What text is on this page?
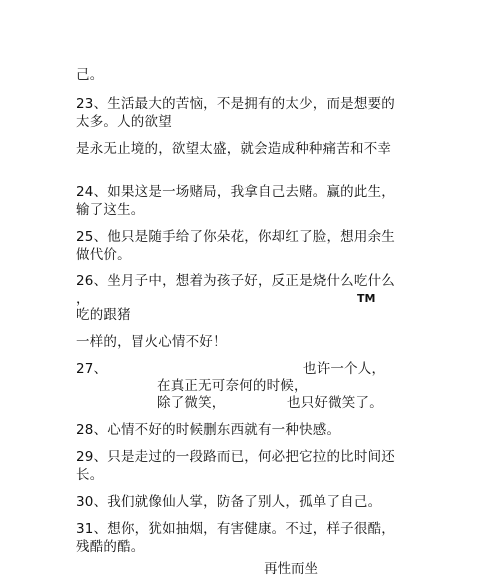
己。

23、生活最大的苦恼，不是拥有的太少，而是想要的

太多。人的欲望

是永无止境的，欲望太盛，就会造成种种痛苦和不幸

24、如果这是一场赌局，我拿自己去赌。赢的此生，

输了这生。

25、他只是随手给了你朵花，你却红了脸，想用余生

做代价。

26、坐月子中，想着为孩子好，反正是烧什么吃什么

，	TM

吃的跟猪

一样的，冒火心情不好！

27、	也许一个人，

在真正无可奈何的时候，

除了微笑，	也只好微笑了。

28、心情不好的时候删东西就有一种快感。

29、只是走过的一段路而已，何必把它拉的比时间还

长。

30、我们就像仙人掌，防备了别人，孤单了自己。

31、想你，犹如抽烟，有害健康。不过，样子很酷，

残酷的酷。

再性而坐
